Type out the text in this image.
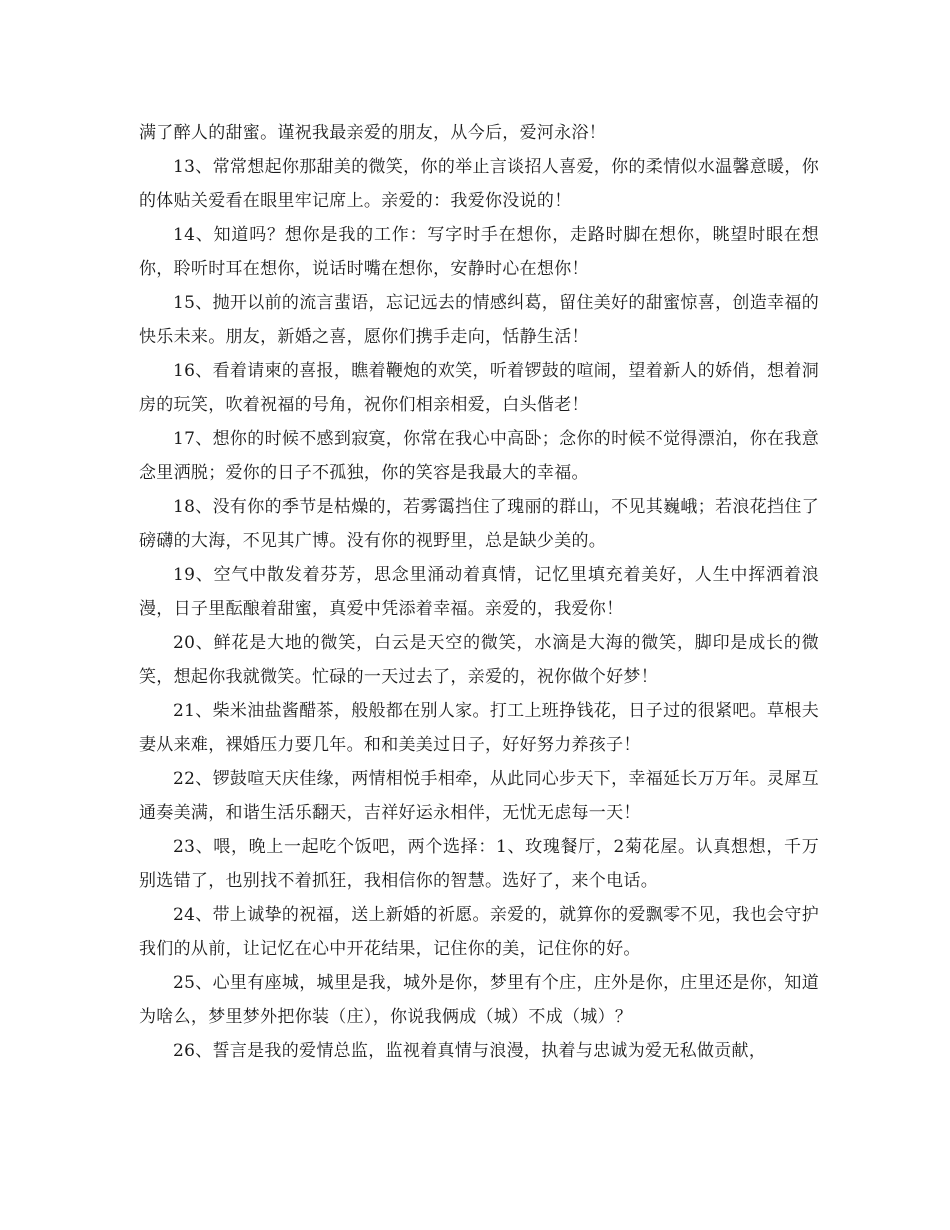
满了醉人的甜蜜。谨祝我最亲爱的朋友，从今后，爱河永浴！

13、常常想起你那甜美的微笑，你的举止言谈招人喜爱，你的柔情似水温馨意暖，你的体贴关爱看在眼里牢记席上。亲爱的：我爱你没说的！

14、知道吗？想你是我的工作：写字时手在想你，走路时脚在想你，眺望时眼在想你，聆听时耳在想你，说话时嘴在想你，安静时心在想你！

15、抛开以前的流言蜚语，忘记远去的情感纠葛，留住美好的甜蜜惊喜，创造幸福的快乐未来。朋友，新婚之喜，愿你们携手走向，恬静生活！

16、看着请柬的喜报，瞧着鞭炮的欢笑，听着锣鼓的喧闹，望着新人的娇俏，想着洞房的玩笑，吹着祝福的号角，祝你们相亲相爱，白头偕老！

17、想你的时候不感到寂寞，你常在我心中高卧；念你的时候不觉得漂泊，你在我意念里洒脱；爱你的日子不孤独，你的笑容是我最大的幸福。

18、没有你的季节是枯燥的，若雾霭挡住了瑰丽的群山，不见其巍峨；若浪花挡住了磅礴的大海，不见其广博。没有你的视野里，总是缺少美的。

19、空气中散发着芬芳，思念里涌动着真情，记忆里填充着美好，人生中挥洒着浪漫，日子里酝酿着甜蜜，真爱中凭添着幸福。亲爱的，我爱你！

20、鲜花是大地的微笑，白云是天空的微笑，水滴是大海的微笑，脚印是成长的微笑，想起你我就微笑。忙碌的一天过去了，亲爱的，祝你做个好梦！

21、柴米油盐酱醋茶，般般都在别人家。打工上班挣钱花，日子过的很紧吧。草根夫妻从来难，裸婚压力要几年。和和美美过日子，好好努力养孩子！

22、锣鼓喧天庆佳缘，两情相悦手相牵，从此同心步天下，幸福延长万万年。灵犀互通奏美满，和谐生活乐翻天，吉祥好运永相伴，无忧无虑每一天！

23、喂，晚上一起吃个饭吧，两个选择：1、玫瑰餐厅，2菊花屋。认真想想，千万别选错了，也别找不着抓狂，我相信你的智慧。选好了，来个电话。

24、带上诚挚的祝福，送上新婚的祈愿。亲爱的，就算你的爱飘零不见，我也会守护我们的从前，让记忆在心中开花结果，记住你的美，记住你的好。

25、心里有座城，城里是我，城外是你，梦里有个庄，庄外是你，庄里还是你，知道为啥么，梦里梦外把你装（庄），你说我俩成（城）不成（城）？

26、誓言是我的爱情总监，监视着真情与浪漫，执着与忠诚为爱无私做贡献，
